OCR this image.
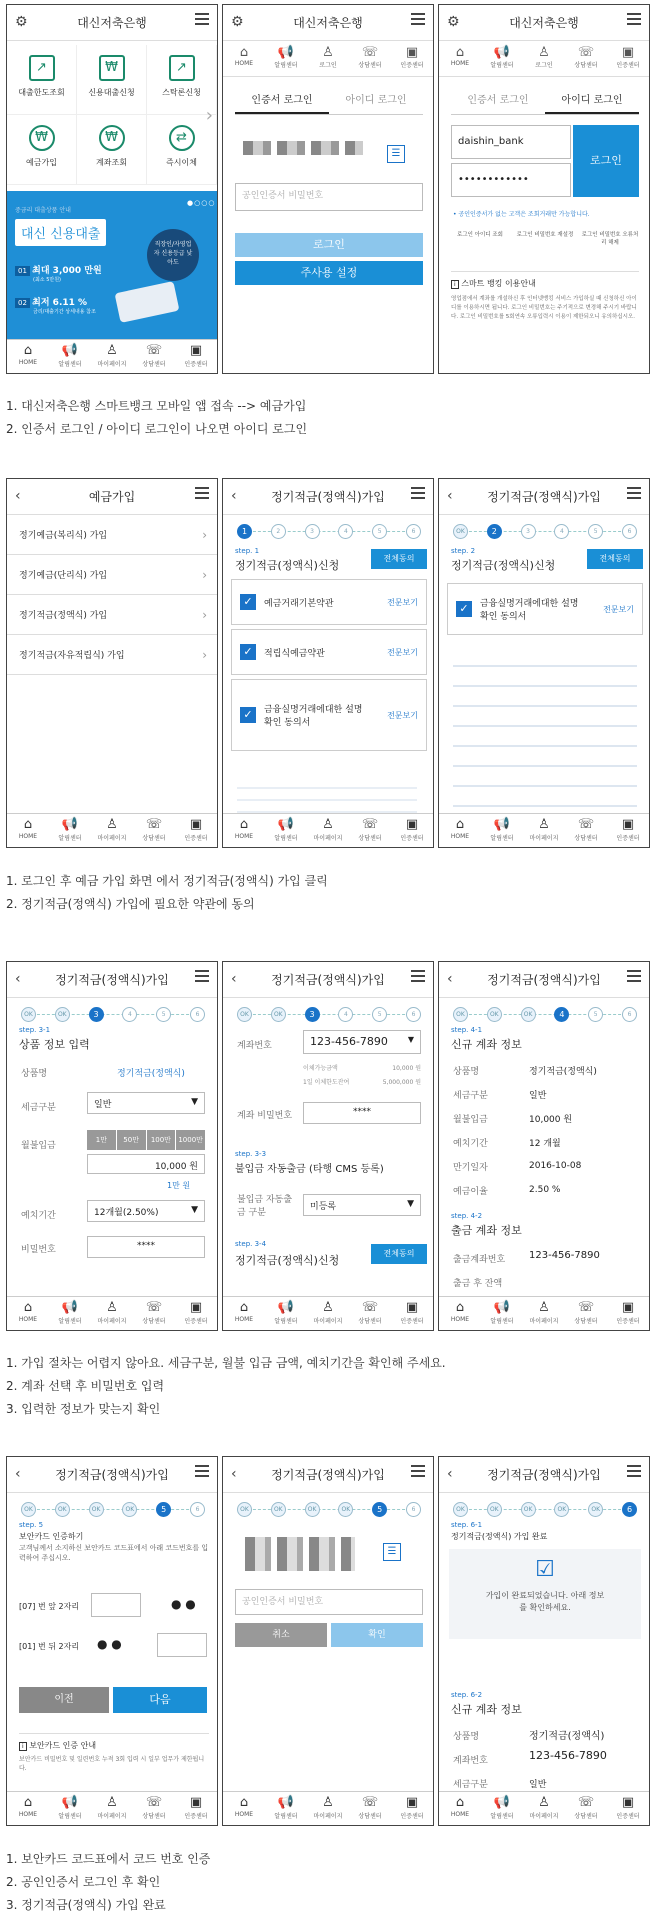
⚙	대신저축은행
↗
대출한도조회
₩
신용대출신청
↗
스탁론신청
₩
예금가입
₩
계좌조회
⇄
즉시이체
중금리 대출상품 안내
●○○○
대신 신용대출
직장인/자영업자 신용등급 낮아도
01 최대 3,000 만원
(최소 5만원)
02 최저 6.11 %
금리/대출기간 상세내용 참조
›
⌂
HOME
📢
알림센터
♙
마이페이지
☏
상담센터
▣
인증센터
⚙	대신저축은행
⌂
HOME
📢
알림센터
♙
로그인
☏
상담센터
▣
인증센터
인증서 로그인	아이디 로그인
☰
공인인증서 비밀번호
로그인
주사용 설정
⚙	대신저축은행
⌂
HOME
📢
알림센터
♙
로그인
☏
상담센터
▣
인증센터
인증서 로그인	아이디 로그인
daishin_bank
••••••••••••
로그인
• 공인인증서가 없는 고객은 조회거래만 가능합니다.
로그인 아이디 조회	로그인 비밀번호 재설정 로그인 비밀번호 오류처리 해제
i 스마트 뱅킹 이용안내
영업점에서 계좌를 개설하신 후 인터넷뱅킹 서비스 가입하실 때 신청하신 아이디를 이용하시면 됩니다. 로그인 비밀번호는 주기적으로 변경해 주시기 바랍니다. 로그인 비밀번호를 5회연속 오류입력시 이용이 제한되오니 유의하십시오.
1. 대신저축은행 스마트뱅크 모바일 앱 접속 --> 예금가입
2. 인증서 로그인 / 아이디 로그인이 나오면 아이디 로그인
‹	예금가입
정기예금(복리식) 가입	›
정기예금(단리식) 가입	›
정기적금(정액식) 가입	›
정기적금(자유적립식) 가입	›
⌂
HOME
📢
알림센터
♙
마이페이지
☏
상담센터
▣
인증센터
‹	정기적금(정액식)가입
1	2	3	4	5	6
step. 1
정기적금(정액식)신청
전체동의
✓	예금거래기본약관	전문보기
✓	적립식예금약관	전문보기
✓	금융실명거래에대한 설명 확인 동의서
전문보기
⌂
HOME
📢
알림센터
♙
마이페이지
☏
상담센터
▣
인증센터
‹	정기적금(정액식)가입
OK	2	3	4	5	6
step. 2
정기적금(정액식)신청
전체동의
✓	금융실명거래에대한 설명 확인 동의서
전문보기
⌂
HOME
📢
알림센터
♙
마이페이지
☏
상담센터
▣
인증센터
1. 로그인 후 예금 가입 화면 에서 정기적금(정액식) 가입 클릭
2. 정기적금(정액식) 가입에 필요한 약관에 동의
‹	정기적금(정액식)가입
OK	OK	3	4	5	6
step. 3-1
상품 정보 입력
상품명	정기적금(정액식)
세금구분	일반	▼
월불입금
1만	50만	100만	1000만
10,000 원
1만 원
예치기간	12개월(2.50%)	▼
비밀번호	****
⌂
HOME
📢
알림센터
♙
마이페이지
☏
상담센터
▣
인증센터
‹	정기적금(정액식)가입
OK	OK	3	4	5	6
계좌번호	123-456-7890 ▼
이체가능금액	10,000 원
1일 이체한도잔여	5,000,000 원
계좌 비밀번호	****
step. 3-3
불입금 자동출금 (타행 CMS 등록)
불입금 자동출금 구분
미등록	▼
step. 3-4
정기적금(정액식)신청
전체동의
⌂
HOME
📢
알림센터
♙
마이페이지
☏
상담센터
▣
인증센터
‹	정기적금(정액식)가입
OK	OK	OK	4	5	6
step. 4-1
신규 계좌 정보
상품명	정기적금(정액식)
세금구분	일반
월불입금	10,000 원
예치기간	12 개월
만기일자	2016-10-08
예금이율	2.50 %
step. 4-2
출금 계좌 정보
출금계좌번호 123-456-7890
출금 후 잔액
⌂
HOME
📢
알림센터
♙
마이페이지
☏
상담센터
▣
인증센터
1. 가입 절차는 어렵지 않아요. 세금구분, 월불 입금 금액, 예치기간을 확인해 주세요.
2. 계좌 선택 후 비밀번호 입력
3. 입력한 정보가 맞는지 확인
‹	정기적금(정액식)가입
OK	OK	OK	OK	5	6
step. 5
보안카드 인증하기
고객님께서 소지하신 보안카드 코드표에서 아래 코드번호를 입력하여 주십시오.
[07] 번 앞 2자리	● ●
[01] 번 뒤 2자리 ● ●
이전	다음
i 보안카드 인증 안내
보안카드 비밀번호 및 일련번호 누적 3회 입력 시 일부 업무가 제한됩니다.
⌂
HOME
📢
알림센터
♙
마이페이지
☏
상담센터
▣
인증센터
‹	정기적금(정액식)가입
OK	OK	OK	OK	5	6
☰
공인인증서 비밀번호
취소	확인
⌂
HOME
📢
알림센터
♙
마이페이지
☏
상담센터
▣
인증센터
‹	정기적금(정액식)가입
OK	OK	OK	OK	OK	6
step. 6-1
정기적금(정액식) 가입 완료
☑
가입이 완료되었습니다. 아래 정보를 확인하세요.
step. 6-2
신규 계좌 정보
상품명	정기적금(정액식)
계좌번호	123-456-7890
세금구분	일반
⌂
HOME
📢
알림센터
♙
마이페이지
☏
상담센터
▣
인증센터
1. 보안카드 코드표에서 코드 번호 인증
2. 공인인증서 로그인 후 확인
3. 정기적금(정액식) 가입 완료
